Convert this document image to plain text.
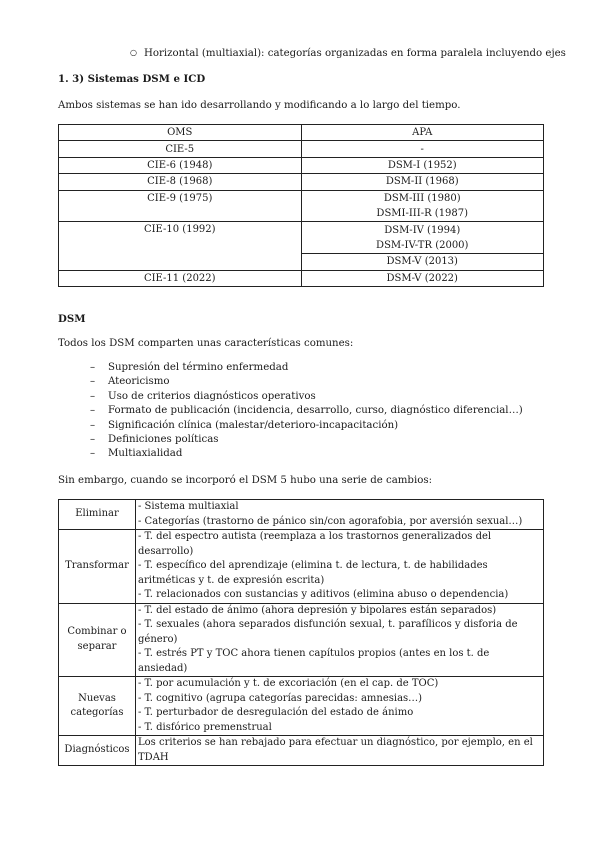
○ Horizontal (multiaxial): categorías organizadas en forma paralela incluyendo ejes
1. 3) Sistemas DSM e ICD
Ambos sistemas se han ido desarrollando y modificando a lo largo del tiempo.
OMS	APA
CIE-5	-
CIE-6 (1948)	DSM-I (1952)
CIE-8 (1968)	DSM-II (1968)
CIE-9 (1975)	DSM-III (1980)
	DSMI-III-R (1987)
CIE-10 (1992)	DSM-IV (1994)
	DSM-IV-TR (2000)
	DSM-V (2013)
CIE-11 (2022)	DSM-V (2022)
DSM
Todos los DSM comparten unas características comunes:
– Supresión del término enfermedad
– Ateoricismo
– Uso de criterios diagnósticos operativos
– Formato de publicación (incidencia, desarrollo, curso, diagnóstico diferencial…)
– Significación clínica (malestar/deterioro-incapacitación)
– Definiciones políticas
– Multiaxialidad
Sin embargo, cuando se incorporó el DSM 5 hubo una serie de cambios:
Eliminar	- Sistema multiaxial
- Categorías (trastorno de pánico sin/con agorafobia, por aversión sexual…)

Transformar	- T. del espectro autista (reemplaza a los trastornos generalizados del desarrollo)
- T. específico del aprendizaje (elimina t. de lectura, t. de habilidades aritméticas y t. de expresión escrita)
- T. relacionados con sustancias y aditivos (elimina abuso o dependencia)

Combinar o separar	- T. del estado de ánimo (ahora depresión y bipolares están separados)
- T. sexuales (ahora separados disfunción sexual, t. parafílicos y disforia de género)
- T. estrés PT y TOC ahora tienen capítulos propios (antes en los t. de ansiedad)

Nuevas categorías	- T. por acumulación y t. de excoriación (en el cap. de TOC)
- T. cognitivo (agrupa categorías parecidas: amnesias…)
- T. perturbador de desregulación del estado de ánimo
- T. disfórico premenstrual

Diagnósticos	Los criterios se han rebajado para efectuar un diagnóstico, por ejemplo, en el TDAH
